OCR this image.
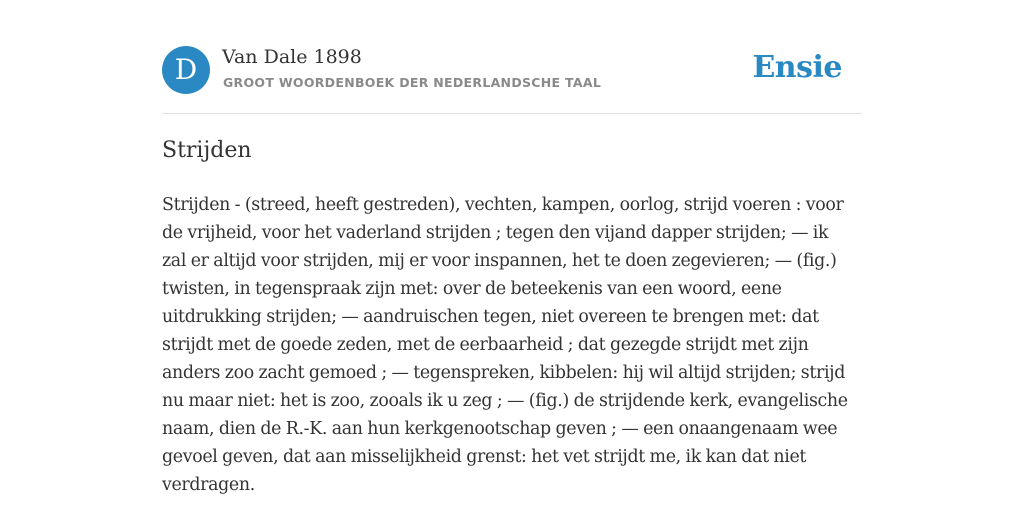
D	Van Dale 1898
GROOT WOORDENBOEK DER NEDERLANDSCHE TAAL	Ensie
Strijden
Strijden - (streed, heeft gestreden), vechten, kampen, oorlog, strijd voeren : voor
de vrijheid, voor het vaderland strijden ; tegen den vijand dapper strijden; — ik
zal er altijd voor strijden, mij er voor inspannen, het te doen zegevieren; — (fig.)
twisten, in tegenspraak zijn met: over de beteekenis van een woord, eene
uitdrukking strijden; — aandruischen tegen, niet overeen te brengen met: dat
strijdt met de goede zeden, met de eerbaarheid ; dat gezegde strijdt met zijn
anders zoo zacht gemoed ; — tegenspreken, kibbelen: hij wil altijd strijden; strijd
nu maar niet: het is zoo, zooals ik u zeg ; — (fig.) de strijdende kerk, evangelische
naam, dien de R.-K. aan hun kerkgenootschap geven ; — een onaangenaam wee
gevoel geven, dat aan misselijkheid grenst: het vet strijdt me, ik kan dat niet
verdragen.
